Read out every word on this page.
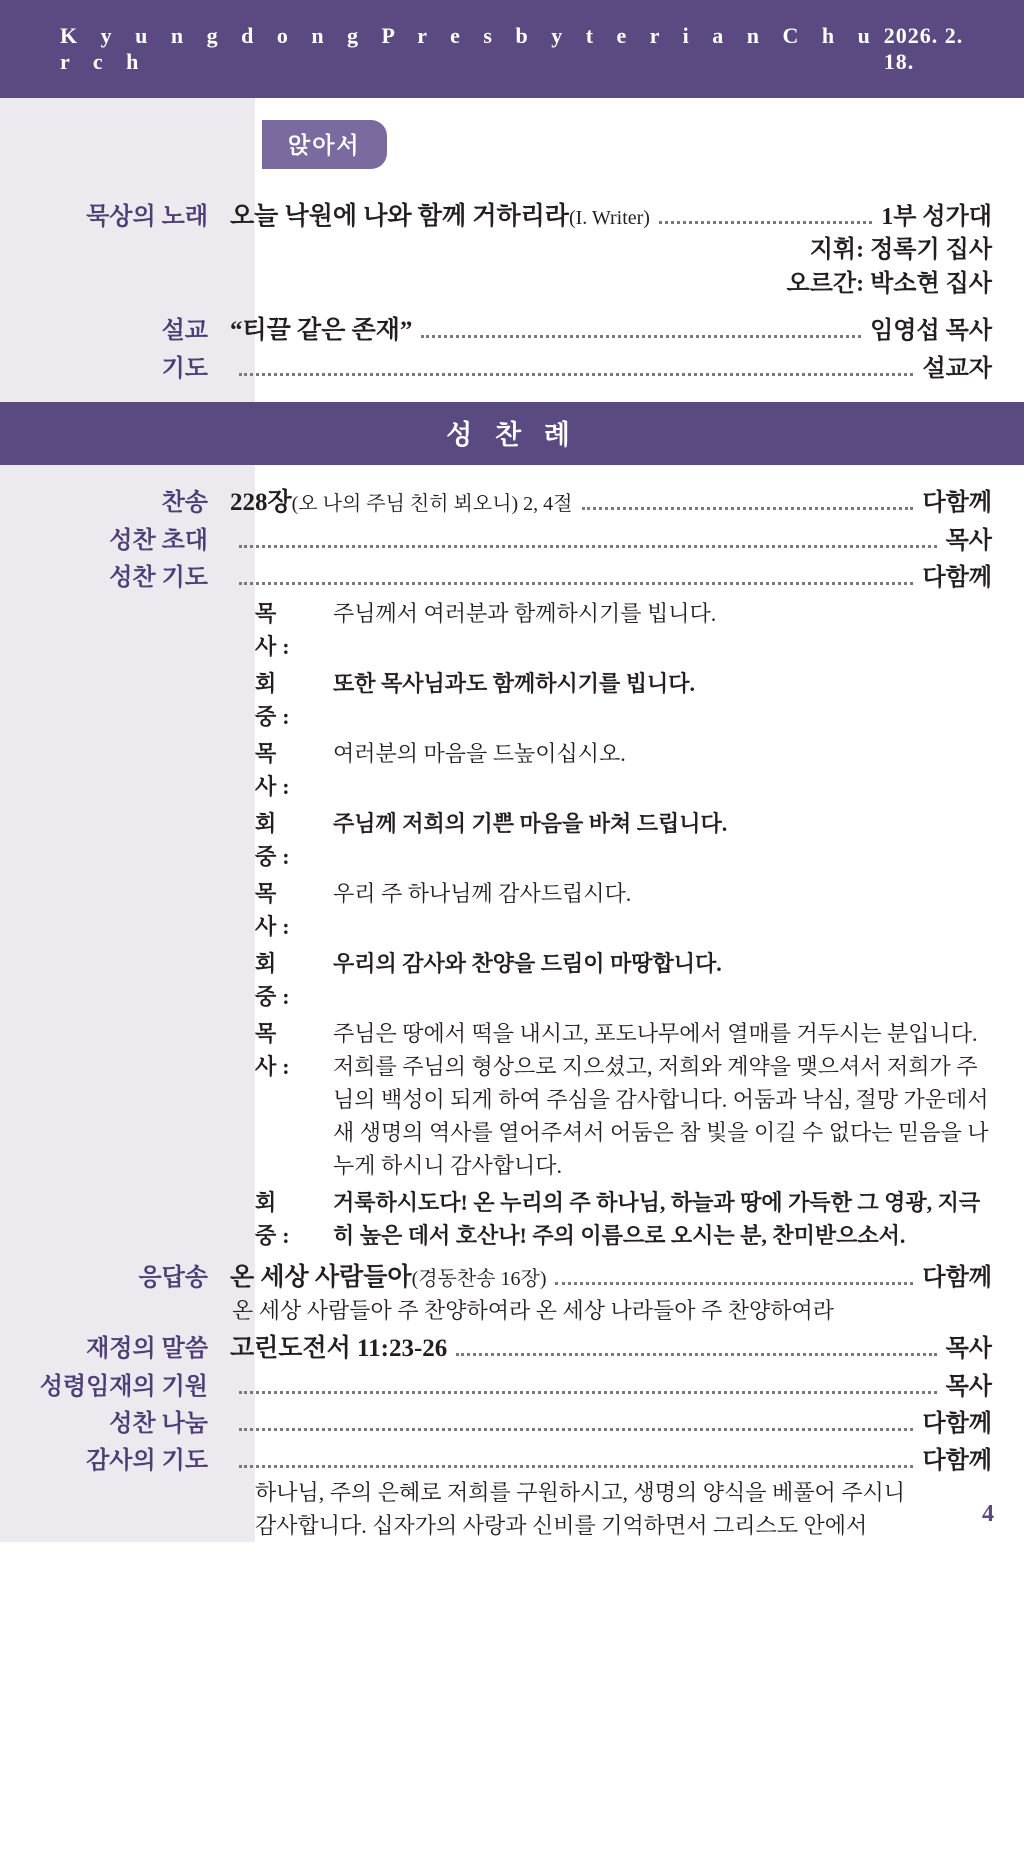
K y u n g d o n g P r e s b y t e r i a n C h u r c h
2026. 2. 18.
앉아서
묵상의 노래 오늘 낙원에 나와 함께 거하리라 (I. Writer)	1부 성가대
지휘: 정록기 집사
오르간: 박소현 집사
설교 “티끌 같은 존재”	임영섭 목사
기도	설교자
성 찬 례
찬송 228장 (오 나의 주님 친히 뵈오니) 2, 4절	다함께
성찬 초대	목사
성찬 기도	다함께
목 사:
주님께서 여러분과 함께하시기를 빕니다.
회 중:
또한 목사님과도 함께하시기를 빕니다.
목 사:
여러분의 마음을 드높이십시오.
회 중:
주님께 저희의 기쁜 마음을 바쳐 드립니다.
목 사:
우리 주 하나님께 감사드립시다.
회 중:
우리의 감사와 찬양을 드림이 마땅합니다.
목 사:
주님은 땅에서 떡을 내시고, 포도나무에서 열매를 거두시는 분입니다. 저희를 주님의 형상으로 지으셨고, 저희와 계약을 맺으셔서 저희가 주님의 백성이 되게 하여 주심을 감사합니다. 어둠과 낙심, 절망 가운데서 새 생명의 역사를 열어주셔서 어둠은 참 빛을 이길 수 없다는 믿음을 나누게 하시니 감사합니다.
회 중:
거룩하시도다! 온 누리의 주 하나님, 하늘과 땅에 가득한 그 영광, 지극히 높은 데서 호산나! 주의 이름으로 오시는 분, 찬미받으소서.
응답송 온 세상 사람들아 (경동찬송 16장)	다함께
온 세상 사람들아 주 찬양하여라 온 세상 나라들아 주 찬양하여라
재정의 말씀 고린도전서 11:23-26	목사
성령임재의 기원	목사
성찬 나눔	다함께
감사의 기도	다함께
하나님, 주의 은혜로 저희를 구원하시고, 생명의 양식을 베풀어 주시니
감사합니다. 십자가의 사랑과 신비를 기억하면서 그리스도 안에서	4
